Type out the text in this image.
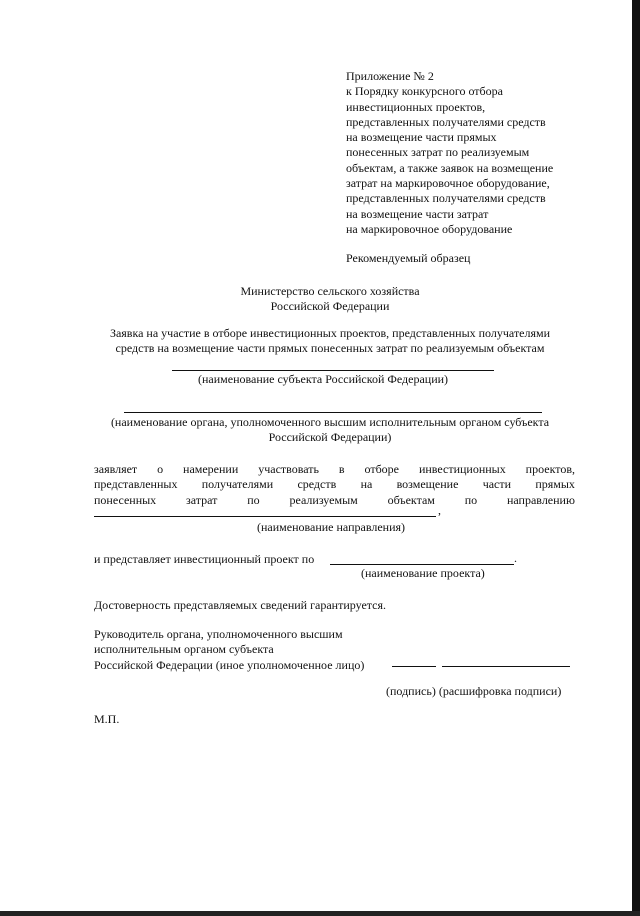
Приложение № 2
к Порядку конкурсного отбора
инвестиционных проектов,
представленных получателями средств
на возмещение части прямых
понесенных затрат по реализуемым
объектам, а также заявок на возмещение
затрат на маркировочное оборудование,
представленных получателями средств
на возмещение части затрат
на маркировочное оборудование
Рекомендуемый образец
Министерство сельского хозяйства
Российской Федерации
Заявка на участие в отборе инвестиционных проектов, представленных получателями
средств на возмещение части прямых понесенных затрат по реализуемым объектам
(наименование субъекта Российской Федерации)
(наименование органа, уполномоченного высшим исполнительным органом субъекта
Российской Федерации)
заявляет о намерении участвовать в отборе инвестиционных проектов,
представленных получателями средств на возмещение части прямых
понесенных затрат по реализуемым объектам по направлению
,
(наименование направления)
и представляет инвестиционный проект по	.
(наименование проекта)
Достоверность представляемых сведений гарантируется.
Руководитель органа, уполномоченного высшим
исполнительным органом субъекта
Российской Федерации (иное уполномоченное лицо)
(подпись) (расшифровка подписи)
М.П.
